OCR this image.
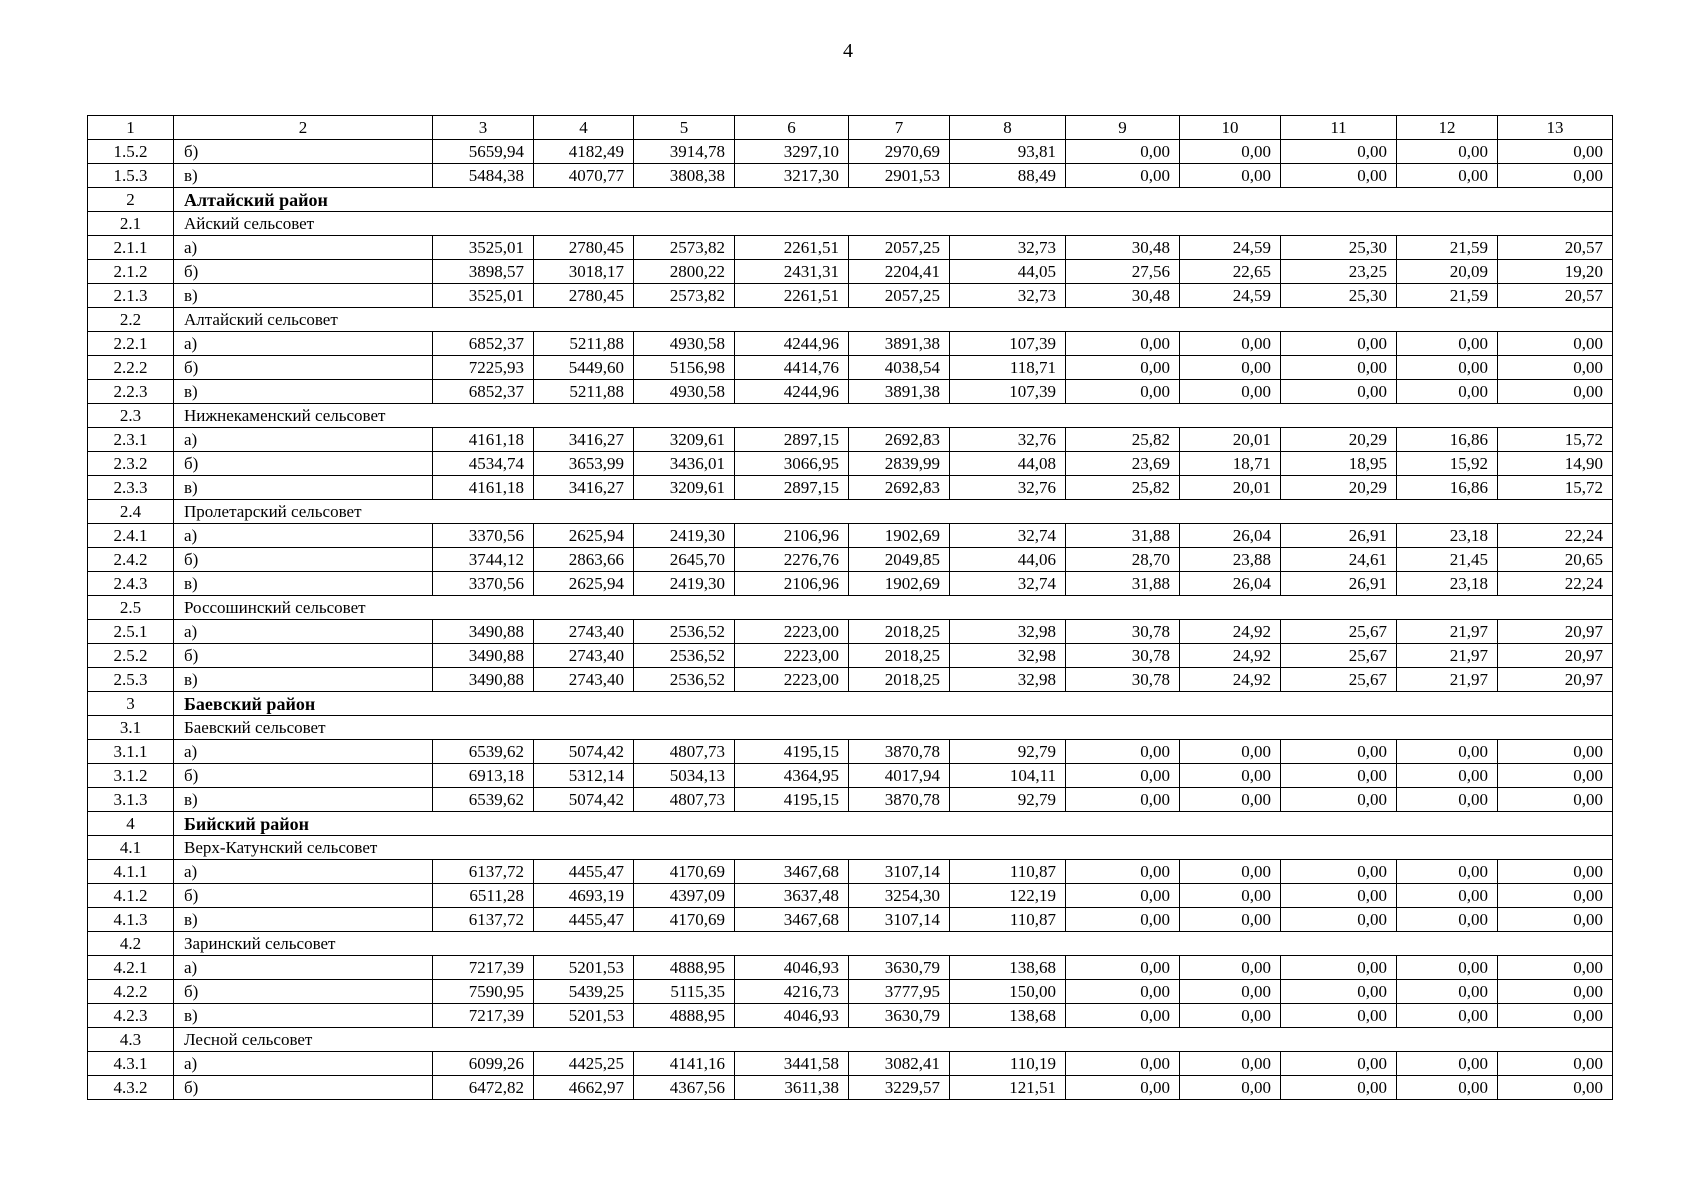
4
1	2	3	4	5	6	7	8	9	10	11	12	13
1.5.2	б)	5659,94	4182,49	3914,78	3297,10	2970,69	93,81	0,00	0,00	0,00	0,00	0,00
1.5.3	в)	5484,38	4070,77	3808,38	3217,30	2901,53	88,49	0,00	0,00	0,00	0,00	0,00
2	Алтайский район											
2.1	Айский сельсовет											
2.1.1	а)	3525,01	2780,45	2573,82	2261,51	2057,25	32,73	30,48	24,59	25,30	21,59	20,57
2.1.2	б)	3898,57	3018,17	2800,22	2431,31	2204,41	44,05	27,56	22,65	23,25	20,09	19,20
2.1.3	в)	3525,01	2780,45	2573,82	2261,51	2057,25	32,73	30,48	24,59	25,30	21,59	20,57
2.2	Алтайский сельсовет											
2.2.1	а)	6852,37	5211,88	4930,58	4244,96	3891,38	107,39	0,00	0,00	0,00	0,00	0,00
2.2.2	б)	7225,93	5449,60	5156,98	4414,76	4038,54	118,71	0,00	0,00	0,00	0,00	0,00
2.2.3	в)	6852,37	5211,88	4930,58	4244,96	3891,38	107,39	0,00	0,00	0,00	0,00	0,00
2.3	Нижнекаменский сельсовет											
2.3.1	а)	4161,18	3416,27	3209,61	2897,15	2692,83	32,76	25,82	20,01	20,29	16,86	15,72
2.3.2	б)	4534,74	3653,99	3436,01	3066,95	2839,99	44,08	23,69	18,71	18,95	15,92	14,90
2.3.3	в)	4161,18	3416,27	3209,61	2897,15	2692,83	32,76	25,82	20,01	20,29	16,86	15,72
2.4	Пролетарский сельсовет											
2.4.1	а)	3370,56	2625,94	2419,30	2106,96	1902,69	32,74	31,88	26,04	26,91	23,18	22,24
2.4.2	б)	3744,12	2863,66	2645,70	2276,76	2049,85	44,06	28,70	23,88	24,61	21,45	20,65
2.4.3	в)	3370,56	2625,94	2419,30	2106,96	1902,69	32,74	31,88	26,04	26,91	23,18	22,24
2.5	Россошинский сельсовет											
2.5.1	а)	3490,88	2743,40	2536,52	2223,00	2018,25	32,98	30,78	24,92	25,67	21,97	20,97
2.5.2	б)	3490,88	2743,40	2536,52	2223,00	2018,25	32,98	30,78	24,92	25,67	21,97	20,97
2.5.3	в)	3490,88	2743,40	2536,52	2223,00	2018,25	32,98	30,78	24,92	25,67	21,97	20,97
3	Баевский район											
3.1	Баевский сельсовет											
3.1.1	а)	6539,62	5074,42	4807,73	4195,15	3870,78	92,79	0,00	0,00	0,00	0,00	0,00
3.1.2	б)	6913,18	5312,14	5034,13	4364,95	4017,94	104,11	0,00	0,00	0,00	0,00	0,00
3.1.3	в)	6539,62	5074,42	4807,73	4195,15	3870,78	92,79	0,00	0,00	0,00	0,00	0,00
4	Бийский район											
4.1	Верх-Катунский сельсовет											
4.1.1	а)	6137,72	4455,47	4170,69	3467,68	3107,14	110,87	0,00	0,00	0,00	0,00	0,00
4.1.2	б)	6511,28	4693,19	4397,09	3637,48	3254,30	122,19	0,00	0,00	0,00	0,00	0,00
4.1.3	в)	6137,72	4455,47	4170,69	3467,68	3107,14	110,87	0,00	0,00	0,00	0,00	0,00
4.2	Заринский сельсовет											
4.2.1	а)	7217,39	5201,53	4888,95	4046,93	3630,79	138,68	0,00	0,00	0,00	0,00	0,00
4.2.2	б)	7590,95	5439,25	5115,35	4216,73	3777,95	150,00	0,00	0,00	0,00	0,00	0,00
4.2.3	в)	7217,39	5201,53	4888,95	4046,93	3630,79	138,68	0,00	0,00	0,00	0,00	0,00
4.3	Лесной сельсовет											
4.3.1	а)	6099,26	4425,25	4141,16	3441,58	3082,41	110,19	0,00	0,00	0,00	0,00	0,00
4.3.2	б)	6472,82	4662,97	4367,56	3611,38	3229,57	121,51	0,00	0,00	0,00	0,00	0,00
